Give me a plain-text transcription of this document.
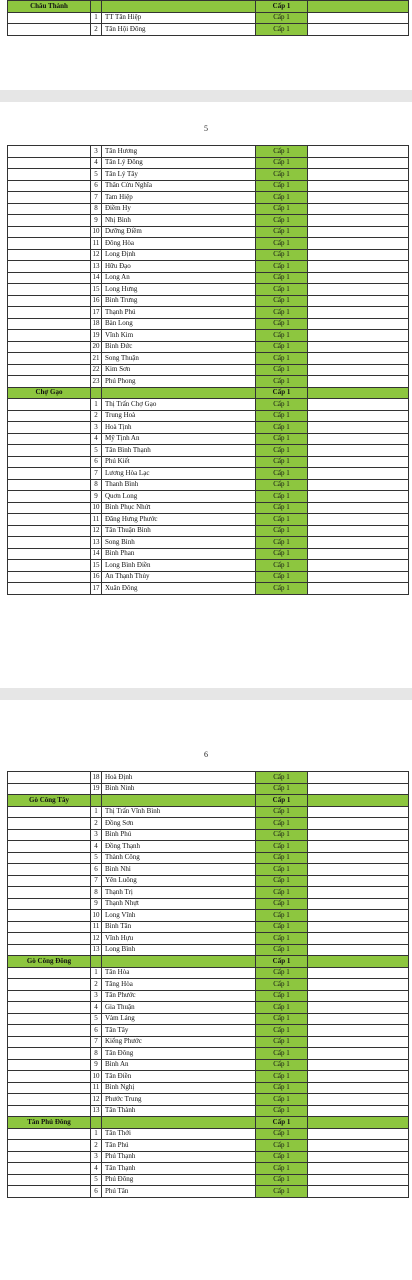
Châu Thành			Cấp 1	
	1	TT Tân Hiệp	Cấp 1	
	2	Tân Hội Đông	Cấp 1	
5
	3	Tân Hương	Cấp 1	
	4	Tân Lý Đông	Cấp 1	
	5	Tân Lý Tây	Cấp 1	
	6	Thân Cửu Nghĩa	Cấp 1	
	7	Tam Hiệp	Cấp 1	
	8	Điềm Hy	Cấp 1	
	9	Nhị Bình	Cấp 1	
	10	Dưỡng Điềm	Cấp 1	
	11	Đông Hòa	Cấp 1	
	12	Long Định	Cấp 1	
	13	Hữu Đạo	Cấp 1	
	14	Long An	Cấp 1	
	15	Long Hưng	Cấp 1	
	16	Bình Trưng	Cấp 1	
	17	Thạnh Phú	Cấp 1	
	18	Bàn Long	Cấp 1	
	19	Vĩnh Kim	Cấp 1	
	20	Bình Đức	Cấp 1	
	21	Song Thuận	Cấp 1	
	22	Kim Sơn	Cấp 1	
	23	Phú Phong	Cấp 1	
Chợ Gạo			Cấp 1	
	1	Thị Trấn Chợ Gạo	Cấp 1	
	2	Trung Hoà	Cấp 1	
	3	Hoà Tịnh	Cấp 1	
	4	Mỹ Tịnh An	Cấp 1	
	5	Tân Bình Thạnh	Cấp 1	
	6	Phú Kiết	Cấp 1	
	7	Lương Hòa Lạc	Cấp 1	
	8	Thanh Bình	Cấp 1	
	9	Quơn Long	Cấp 1	
	10	Bình Phục Nhứt	Cấp 1	
	11	Đăng Hưng Phước	Cấp 1	
	12	Tân Thuận Bình	Cấp 1	
	13	Song Bình	Cấp 1	
	14	Bình Phan	Cấp 1	
	15	Long Bình Điền	Cấp 1	
	16	An Thạnh Thủy	Cấp 1	
	17	Xuân Đông	Cấp 1	
6
	18	Hoà Định	Cấp 1	
	19	Bình Ninh	Cấp 1	
Gò Công Tây			Cấp 1	
	1	Thị Trấn Vĩnh Bình	Cấp 1	
	2	Đồng Sơn	Cấp 1	
	3	Bình Phú	Cấp 1	
	4	Đồng Thạnh	Cấp 1	
	5	Thành Công	Cấp 1	
	6	Bình Nhì	Cấp 1	
	7	Yên Luông	Cấp 1	
	8	Thạnh Trị	Cấp 1	
	9	Thạnh Nhựt	Cấp 1	
	10	Long Vĩnh	Cấp 1	
	11	Bình Tân	Cấp 1	
	12	Vĩnh Hựu	Cấp 1	
	13	Long Bình	Cấp 1	
Gò Công Đông			Cấp 1	
	1	Tân Hòa	Cấp 1	
	2	Tăng Hòa	Cấp 1	
	3	Tân Phước	Cấp 1	
	4	Gia Thuận	Cấp 1	
	5	Vàm Láng	Cấp 1	
	6	Tân Tây	Cấp 1	
	7	Kiểng Phước	Cấp 1	
	8	Tân Đông	Cấp 1	
	9	Bình An	Cấp 1	
	10	Tân Điền	Cấp 1	
	11	Bình Nghị	Cấp 1	
	12	Phước Trung	Cấp 1	
	13	Tân Thành	Cấp 1	
Tân Phú Đông			Cấp 1	
	1	Tân Thới	Cấp 1	
	2	Tân Phú	Cấp 1	
	3	Phú Thạnh	Cấp 1	
	4	Tân Thạnh	Cấp 1	
	5	Phú Đông	Cấp 1	
	6	Phú Tân	Cấp 1	
